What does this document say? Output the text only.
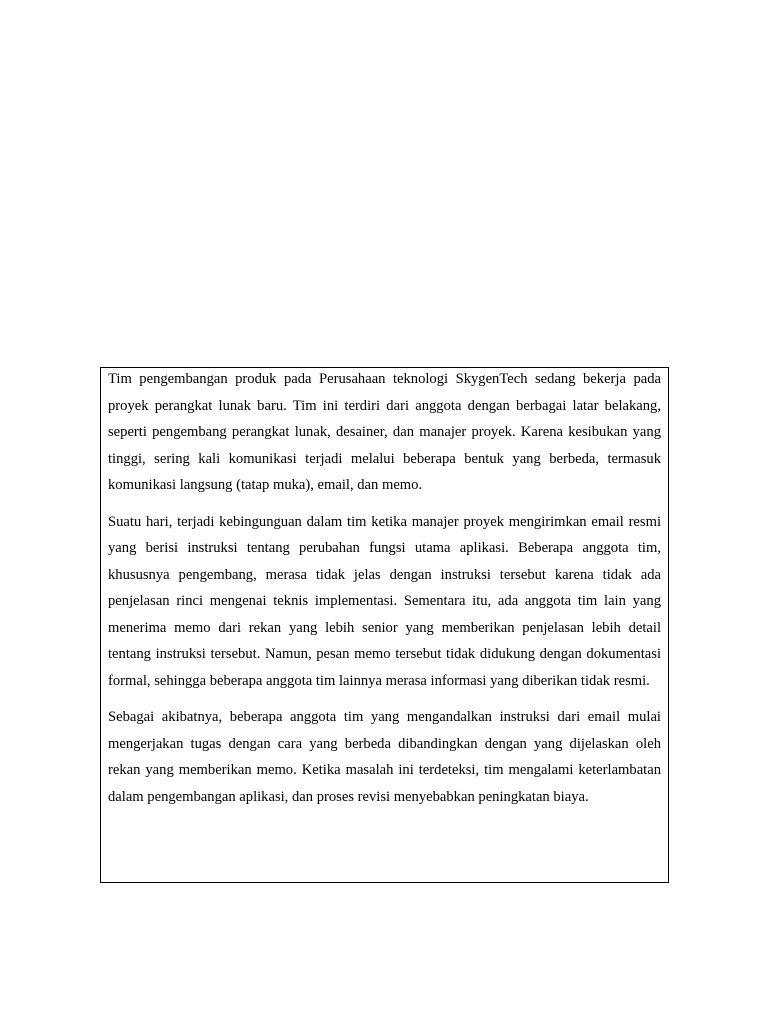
Tim pengembangan produk pada Perusahaan teknologi SkygenTech sedang bekerja pada proyek perangkat lunak baru. Tim ini terdiri dari anggota dengan berbagai latar belakang, seperti pengembang perangkat lunak, desainer, dan manajer proyek. Karena kesibukan yang tinggi, sering kali komunikasi terjadi melalui beberapa bentuk yang berbeda, termasuk komunikasi langsung (tatap muka), email, dan memo.

Suatu hari, terjadi kebingunguan dalam tim ketika manajer proyek mengirimkan email resmi yang berisi instruksi tentang perubahan fungsi utama aplikasi. Beberapa anggota tim, khususnya pengembang, merasa tidak jelas dengan instruksi tersebut karena tidak ada penjelasan rinci mengenai teknis implementasi. Sementara itu, ada anggota tim lain yang menerima memo dari rekan yang lebih senior yang memberikan penjelasan lebih detail tentang instruksi tersebut. Namun, pesan memo tersebut tidak didukung dengan dokumentasi formal, sehingga beberapa anggota tim lainnya merasa informasi yang diberikan tidak resmi.

Sebagai akibatnya, beberapa anggota tim yang mengandalkan instruksi dari email mulai mengerjakan tugas dengan cara yang berbeda dibandingkan dengan yang dijelaskan oleh rekan yang memberikan memo. Ketika masalah ini terdeteksi, tim mengalami keterlambatan dalam pengembangan aplikasi, dan proses revisi menyebabkan peningkatan biaya.
